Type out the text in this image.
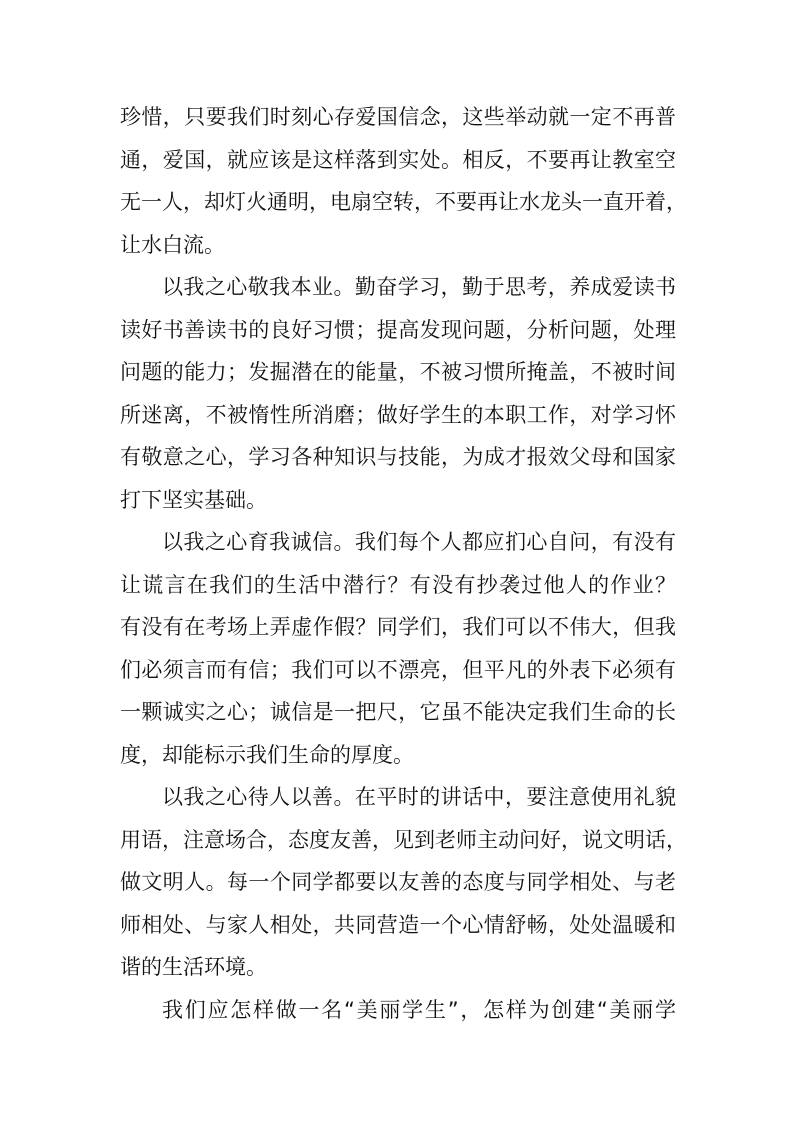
珍惜，只要我们时刻心存爱国信念，这些举动就一定不再普
通，爱国，就应该是这样落到实处。相反，不要再让教室空
无一人，却灯火通明，电扇空转，不要再让水龙头一直开着，
让水白流。
以我之心敬我本业。勤奋学习，勤于思考，养成爱读书
读好书善读书的良好习惯；提高发现问题，分析问题，处理
问题的能力；发掘潜在的能量，不被习惯所掩盖，不被时间
所迷离，不被惰性所消磨；做好学生的本职工作，对学习怀
有敬意之心，学习各种知识与技能，为成才报效父母和国家
打下坚实基础。
以我之心育我诚信。我们每个人都应扪心自问，有没有
让谎言在我们的生活中潜行？有没有抄袭过他人的作业？
有没有在考场上弄虚作假？同学们，我们可以不伟大，但我
们必须言而有信；我们可以不漂亮，但平凡的外表下必须有
一颗诚实之心；诚信是一把尺，它虽不能决定我们生命的长
度，却能标示我们生命的厚度。
以我之心待人以善。在平时的讲话中，要注意使用礼貌
用语，注意场合，态度友善，见到老师主动问好，说文明话，
做文明人。每一个同学都要以友善的态度与同学相处、与老
师相处、与家人相处，共同营造一个心情舒畅，处处温暖和
谐的生活环境。
我们应怎样做一名“美丽学生”，怎样为创建“美丽学
